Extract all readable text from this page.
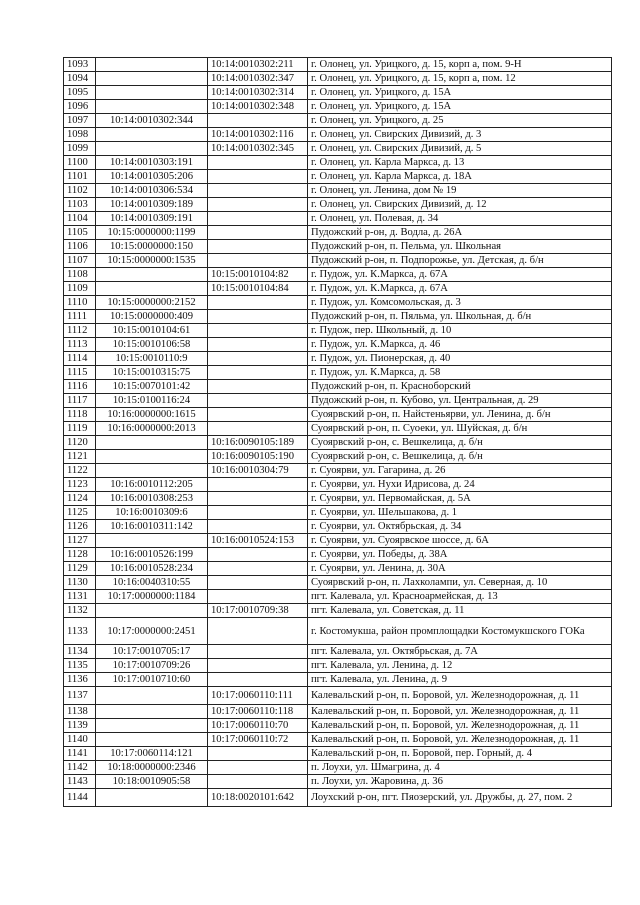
1093		10:14:0010302:211	г. Олонец, ул. Урицкого, д. 15, корп а, пом. 9-Н
1094		10:14:0010302:347	г. Олонец, ул. Урицкого, д. 15, корп а, пом. 12
1095		10:14:0010302:314	г. Олонец, ул. Урицкого, д. 15А
1096		10:14:0010302:348	г. Олонец, ул. Урицкого, д. 15А
1097	10:14:0010302:344		г. Олонец, ул. Урицкого, д. 25
1098		10:14:0010302:116	г. Олонец, ул. Свирских Дивизий, д. 3
1099		10:14:0010302:345	г. Олонец, ул. Свирских Дивизий, д. 5
1100	10:14:0010303:191		г. Олонец, ул. Карла Маркса, д. 13
1101	10:14:0010305:206		г. Олонец, ул. Карла Маркса, д. 18А
1102	10:14:0010306:534		г. Олонец, ул. Ленина, дом № 19
1103	10:14:0010309:189		г. Олонец, ул. Свирских Дивизий, д. 12
1104	10:14:0010309:191		г. Олонец, ул. Полевая, д. 34
1105	10:15:0000000:1199		Пудожский р-он, д. Водла, д. 26А
1106	10:15:0000000:150		Пудожский р-он, п. Пельма, ул. Школьная
1107	10:15:0000000:1535		Пудожский р-он, п. Подпорожье, ул. Детская, д. б/н
1108		10:15:0010104:82	г. Пудож, ул. К.Маркса, д. 67А
1109		10:15:0010104:84	г. Пудож, ул. К.Маркса, д. 67А
1110	10:15:0000000:2152		г. Пудож, ул. Комсомольская, д. 3
1111	10:15:0000000:409		Пудожский р-он, п. Пяльма, ул. Школьная, д. б/н
1112	10:15:0010104:61		г. Пудож, пер. Школьный, д. 10
1113	10:15:0010106:58		г. Пудож, ул. К.Маркса, д. 46
1114	10:15:0010110:9		г. Пудож, ул. Пионерская, д. 40
1115	10:15:0010315:75		г. Пудож, ул. К.Маркса, д. 58
1116	10:15:0070101:42		Пудожский р-он, п. Красноборский
1117	10:15:0100116:24		Пудожский р-он, п. Кубово, ул. Центральная, д. 29
1118	10:16:0000000:1615		Суоярвский р-он, п. Найстеньярви, ул. Ленина, д. б/н
1119	10:16:0000000:2013		Суоярвский р-он, п. Суоеки, ул. Шуйская, д. б/н
1120		10:16:0090105:189	Суоярвский р-он, с. Вешкелица, д. б/н
1121		10:16:0090105:190	Суоярвский р-он, с. Вешкелица, д. б/н
1122		10:16:0010304:79	г. Суоярви, ул. Гагарина, д. 26
1123	10:16:0010112:205		г. Суоярви, ул. Нухи Идрисова, д. 24
1124	10:16:0010308:253		г. Суоярви, ул. Первомайская, д. 5А
1125	10:16:0010309:6		г. Суоярви, ул. Шельшакова, д. 1
1126	10:16:0010311:142		г. Суоярви, ул. Октябрьская, д. 34
1127		10:16:0010524:153	г. Суоярви, ул. Суоярвское шоссе, д. 6А
1128	10:16:0010526:199		г. Суоярви, ул. Победы, д. 38А
1129	10:16:0010528:234		г. Суоярви, ул. Ленина, д. 30А
1130	10:16:0040310:55		Суоярвский р-он, п. Лахколампи, ул. Северная, д. 10
1131	10:17:0000000:1184		пгт. Калевала, ул. Красноармейская, д. 13
1132		10:17:0010709:38	пгт. Калевала, ул. Советская, д. 11
1133	10:17:0000000:2451		г. Костомукша, район промплощадки Костомукшского ГОКа
1134	10:17:0010705:17		пгт. Калевала, ул. Октябрьская, д. 7А
1135	10:17:0010709:26		пгт. Калевала, ул. Ленина, д. 12
1136	10:17:0010710:60		пгт. Калевала, ул. Ленина, д. 9
1137		10:17:0060110:111	Калевальский р-он, п. Боровой, ул. Железнодорожная, д. 11
1138		10:17:0060110:118	Калевальский р-он, п. Боровой, ул. Железнодорожная, д. 11
1139		10:17:0060110:70	Калевальский р-он, п. Боровой, ул. Железнодорожная, д. 11
1140		10:17:0060110:72	Калевальский р-он, п. Боровой, ул. Железнодорожная, д. 11
1141	10:17:0060114:121		Калевальский р-он, п. Боровой, пер. Горный, д. 4
1142	10:18:0000000:2346		п. Лоухи, ул. Шмагрина, д. 4
1143	10:18:0010905:58		п. Лоухи, ул. Жаровина, д. 36
1144		10:18:0020101:642	Лоухский р-он, пгт. Пяозерский, ул. Дружбы, д. 27, пом. 2
